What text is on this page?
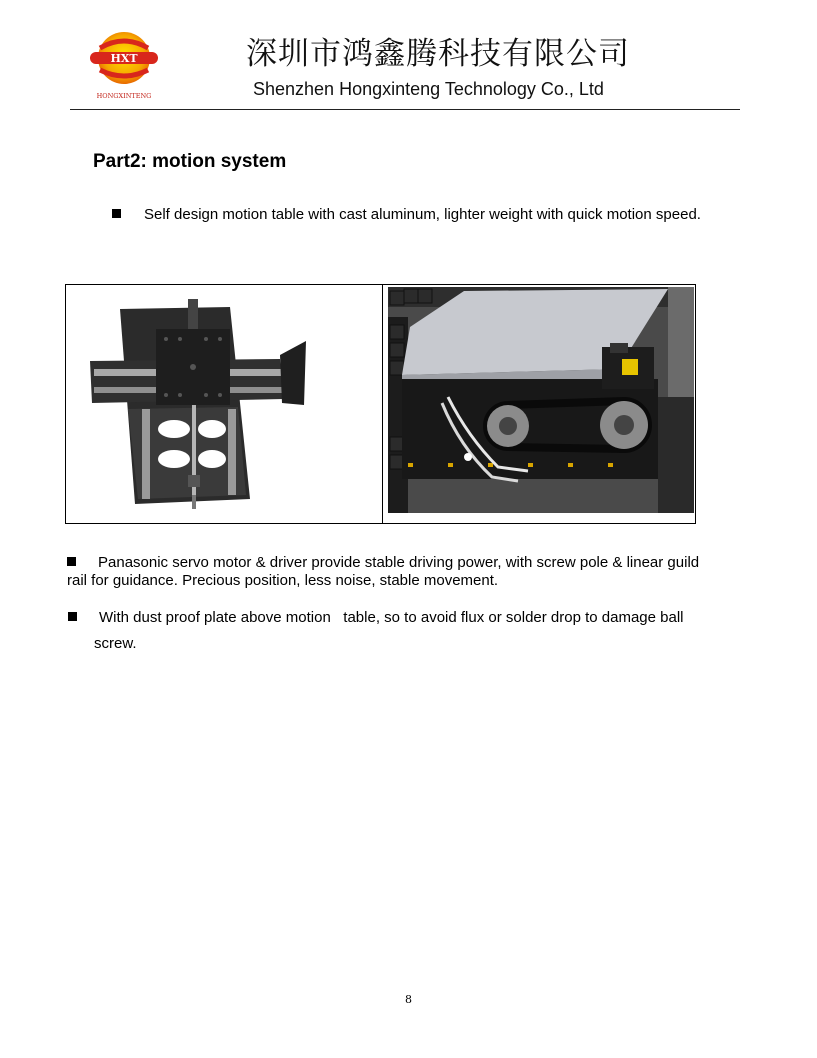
HXT
HONGXINTENG
深圳市鸿鑫腾科技有限公司
Shenzhen Hongxinteng Technology Co., Ltd
Part2: motion system
Self design motion table with cast aluminum, lighter weight with quick motion speed.
Panasonic servo motor & driver provide stable driving power, with screw pole & linear guild rail for guidance. Precious position, less noise, stable movement.
With dust proof plate above motion   table, so to avoid flux or solder drop to damage ball
screw.
8
